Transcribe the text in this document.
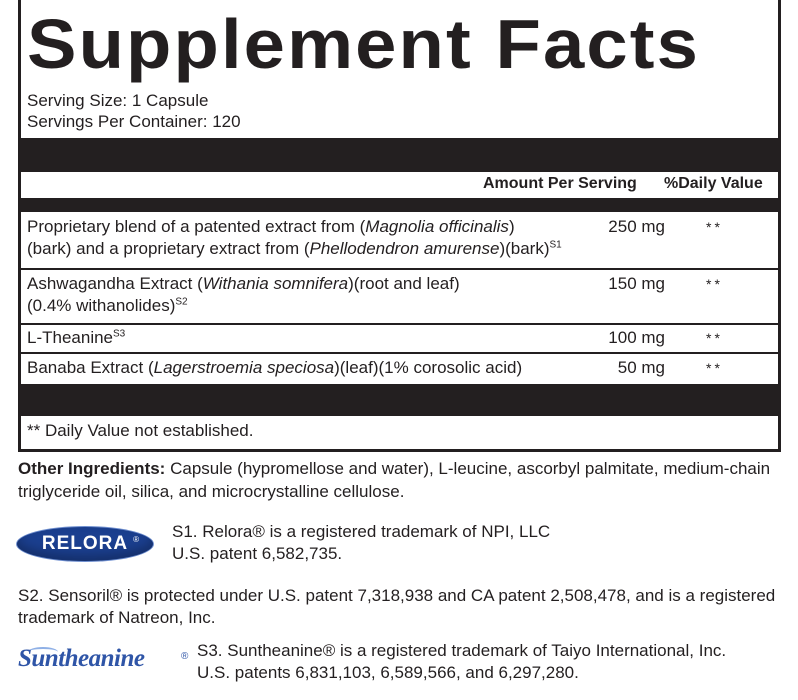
Supplement Facts
Serving Size: 1 Capsule
Servings Per Container: 120
Amount Per Serving %Daily Value
Proprietary blend of a patented extract from (Magnolia officinalis)
(bark) and a proprietary extract from (Phellodendron amurense)(bark)$^{S1}$
250 mg	**
Ashwagandha Extract (Withania somnifera)(root and leaf)
(0.4% withanolides)$^{S2}$
150 mg	**
L-Theanine$^{S3}$	100 mg	**
Banaba Extract (Lagerstroemia speciosa)(leaf)(1% corosolic acid)	50 mg	**
** Daily Value not established.
Other Ingredients: Capsule (hypromellose and water), L-leucine, ascorbyl palmitate, medium-chain triglyceride oil, silica, and microcrystalline cellulose.
RELORA ® S1. Relora® is a registered trademark of NPI, LLC
U.S. patent 6,582,735.
S2. Sensoril® is protected under U.S. patent 7,318,938 and CA patent 2,508,478, and is a registered trademark of Natreon, Inc.
Suntheanine	® S3. Suntheanine® is a registered trademark of Taiyo International, Inc.
U.S. patents 6,831,103, 6,589,566, and 6,297,280.
